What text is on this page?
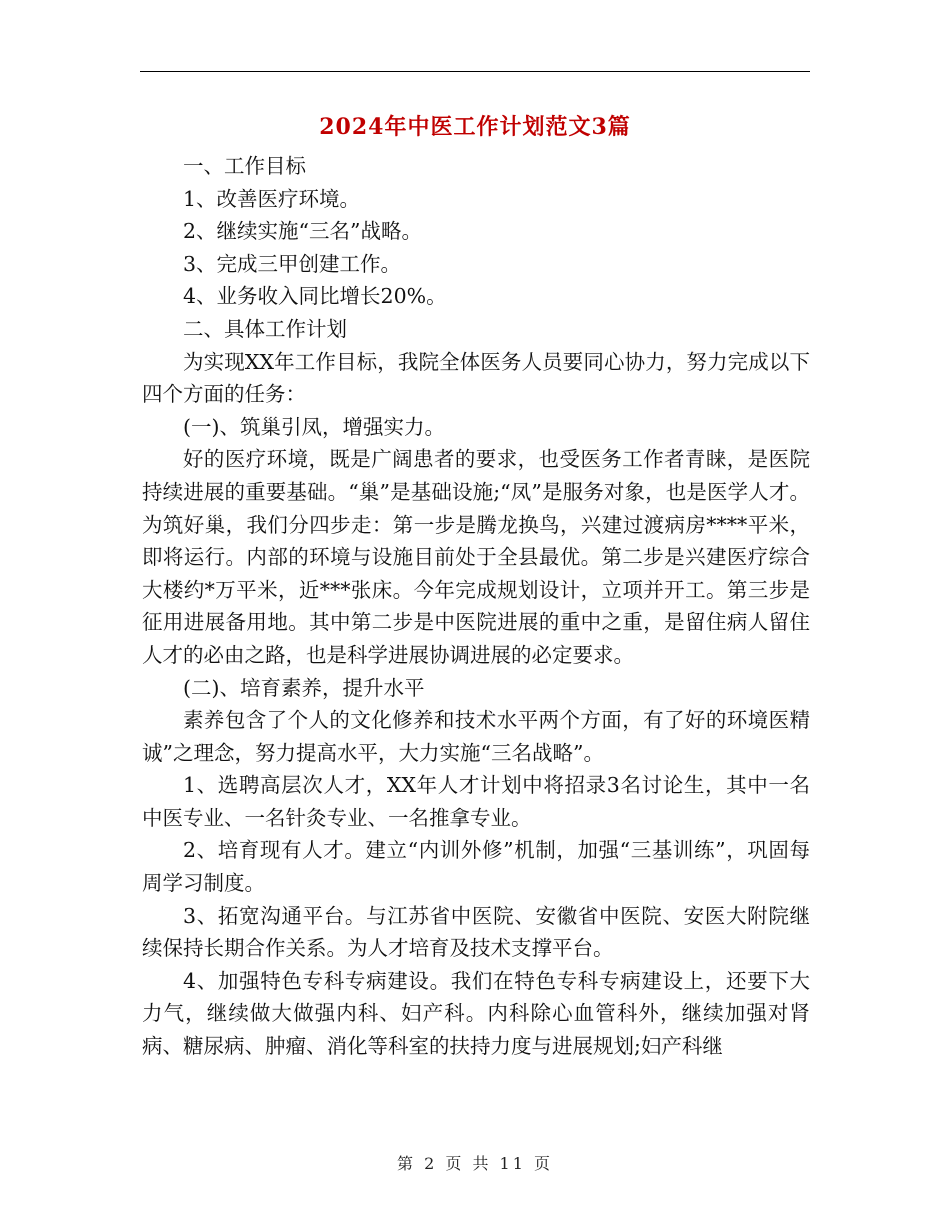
2024年中医工作计划范文3篇

一、工作目标

1、改善医疗环境。

2、继续实施“三名”战略。

3、完成三甲创建工作。

4、业务收入同比增长20%。

二、具体工作计划

为实现XX年工作目标，我院全体医务人员要同心协力，努力完成以下四个方面的任务：

(一)、筑巢引凤，增强实力。

好的医疗环境，既是广阔患者的要求，也受医务工作者青睐，是医院持续进展的重要基础。“巢”是基础设施;“凤”是服务对象，也是医学人才。为筑好巢，我们分四步走：第一步是腾龙换鸟，兴建过渡病房****平米，即将运行。内部的环境与设施目前处于全县最优。第二步是兴建医疗综合大楼约*万平米，近***张床。今年完成规划设计，立项并开工。第三步是征用进展备用地。其中第二步是中医院进展的重中之重，是留住病人留住人才的必由之路，也是科学进展协调进展的必定要求。

(二)、培育素养，提升水平

素养包含了个人的文化修养和技术水平两个方面，有了好的环境医精诚”之理念，努力提高水平，大力实施“三名战略”。

1、选聘高层次人才，XX年人才计划中将招录3名讨论生，其中一名中医专业、一名针灸专业、一名推拿专业。

2、培育现有人才。建立“内训外修”机制，加强“三基训练”，巩固每周学习制度。

3、拓宽沟通平台。与江苏省中医院、安徽省中医院、安医大附院继续保持长期合作关系。为人才培育及技术支撑平台。

4、加强特色专科专病建设。我们在特色专科专病建设上，还要下大力气，继续做大做强内科、妇产科。内科除心血管科外，继续加强对肾病、糖尿病、肿瘤、消化等科室的扶持力度与进展规划;妇产科继

第 2 页 共 11 页
